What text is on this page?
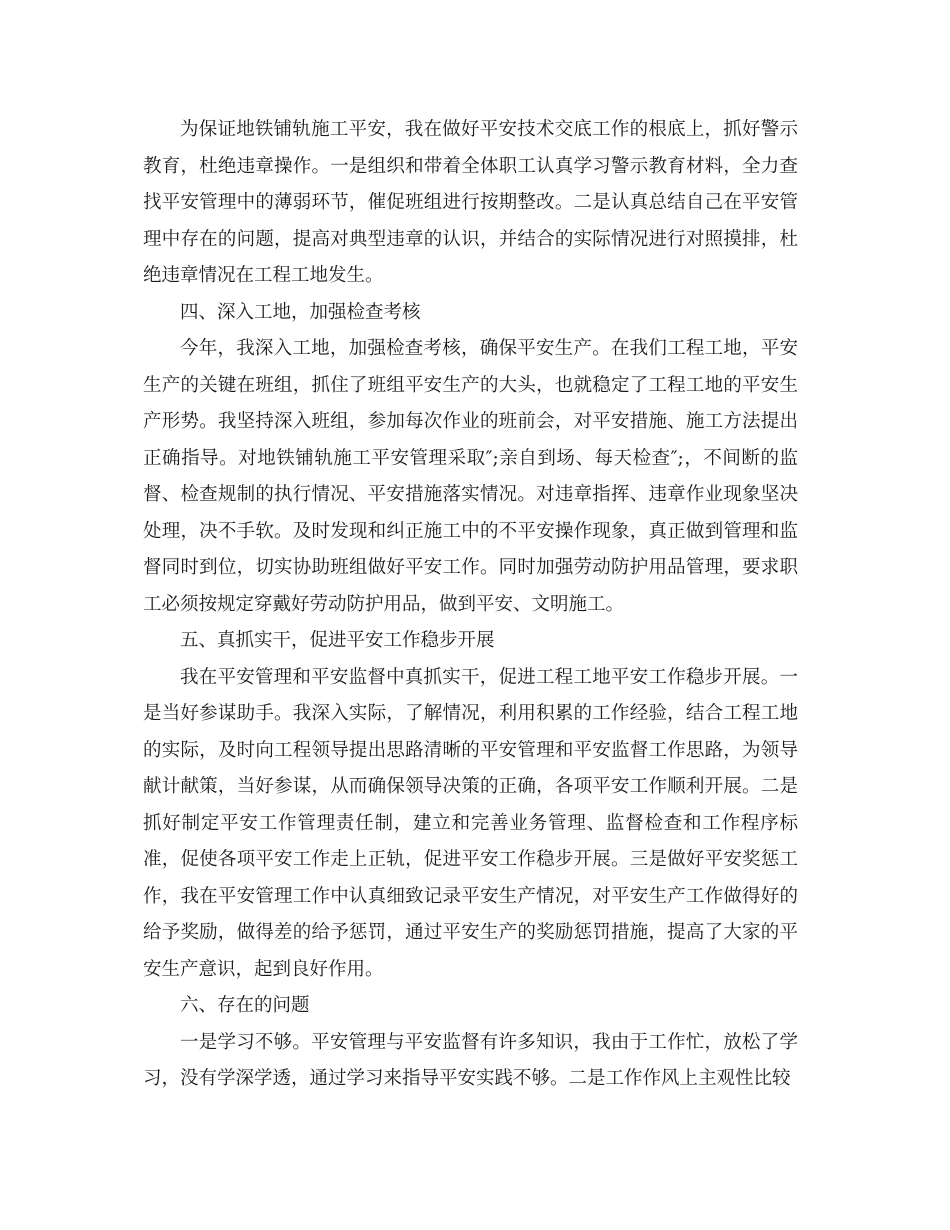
为保证地铁铺轨施工平安，我在做好平安技术交底工作的根底上，抓好警示教育，杜绝违章操作。一是组织和带着全体职工认真学习警示教育材料，全力查找平安管理中的薄弱环节，催促班组进行按期整改。二是认真总结自己在平安管理中存在的问题，提高对典型违章的认识，并结合的实际情况进行对照摸排，杜绝违章情况在工程工地发生。

四、深入工地，加强检查考核

今年，我深入工地，加强检查考核，确保平安生产。在我们工程工地，平安生产的关键在班组，抓住了班组平安生产的大头，也就稳定了工程工地的平安生产形势。我坚持深入班组，参加每次作业的班前会，对平安措施、施工方法提出正确指导。对地铁铺轨施工平安管理采取″;亲自到场、每天检查″;，不间断的监督、检查规制的执行情况、平安措施落实情况。对违章指挥、违章作业现象坚决处理，决不手软。及时发现和纠正施工中的不平安操作现象，真正做到管理和监督同时到位，切实协助班组做好平安工作。同时加强劳动防护用品管理，要求职工必须按规定穿戴好劳动防护用品，做到平安、文明施工。

五、真抓实干，促进平安工作稳步开展

我在平安管理和平安监督中真抓实干，促进工程工地平安工作稳步开展。一是当好参谋助手。我深入实际，了解情况，利用积累的工作经验，结合工程工地的实际，及时向工程领导提出思路清晰的平安管理和平安监督工作思路，为领导献计献策，当好参谋，从而确保领导决策的正确，各项平安工作顺利开展。二是抓好制定平安工作管理责任制，建立和完善业务管理、监督检查和工作程序标准，促使各项平安工作走上正轨，促进平安工作稳步开展。三是做好平安奖惩工作，我在平安管理工作中认真细致记录平安生产情况，对平安生产工作做得好的给予奖励，做得差的给予惩罚，通过平安生产的奖励惩罚措施，提高了大家的平安生产意识，起到良好作用。

六、存在的问题

一是学习不够。平安管理与平安监督有许多知识，我由于工作忙，放松了学习，没有学深学透，通过学习来指导平安实践不够。二是工作作风上主观性比较
